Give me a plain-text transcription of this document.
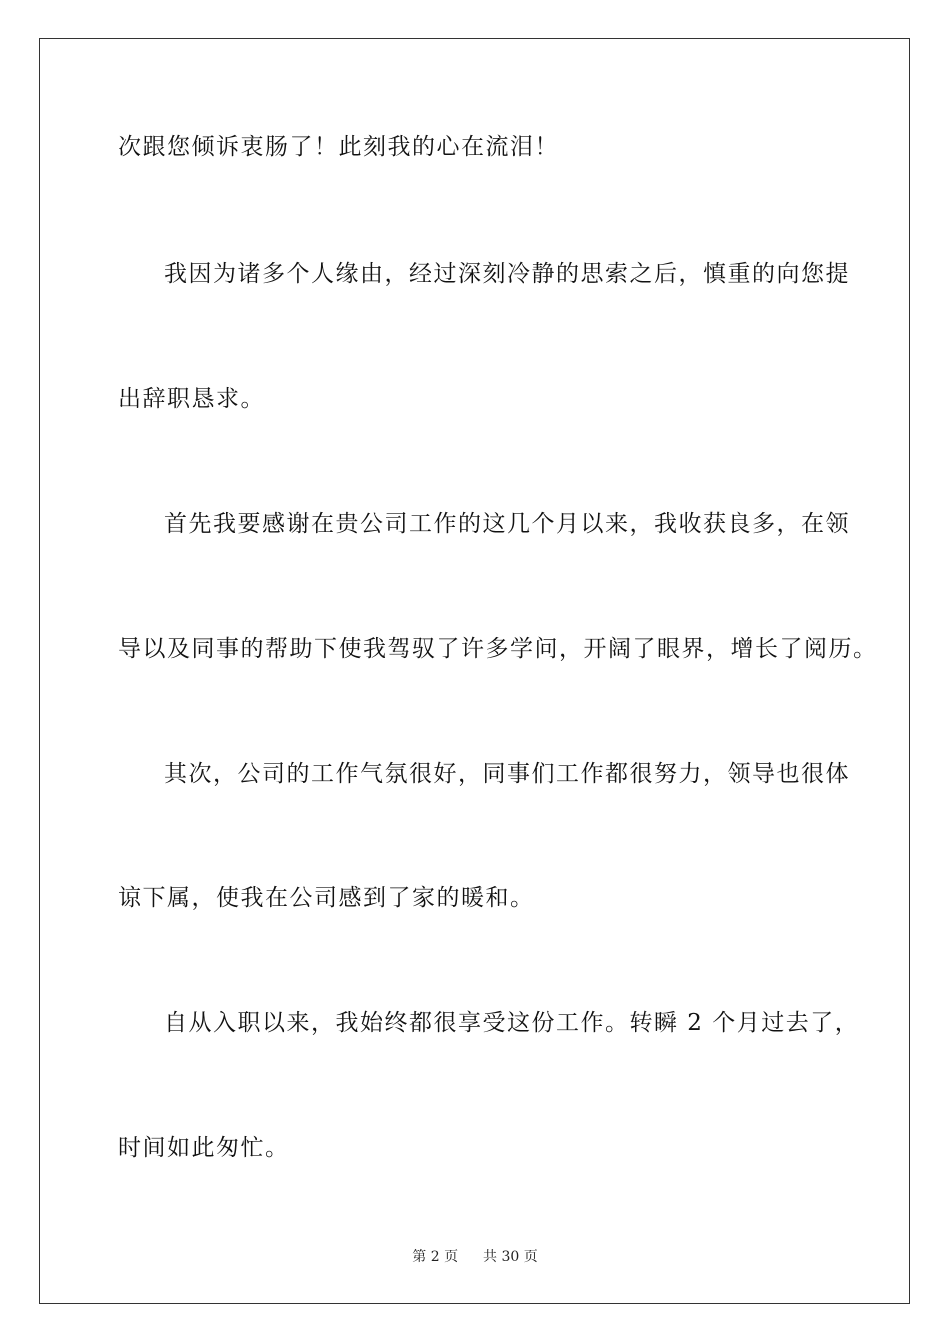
次跟您倾诉衷肠了！此刻我的心在流泪！
我因为诸多个人缘由，经过深刻冷静的思索之后，慎重的向您提
出辞职恳求。
首先我要感谢在贵公司工作的这几个月以来，我收获良多，在领
导以及同事的帮助下使我驾驭了许多学问，开阔了眼界，增长了阅历。
其次，公司的工作气氛很好，同事们工作都很努力，领导也很体
谅下属，使我在公司感到了家的暖和。
自从入职以来，我始终都很享受这份工作。转瞬 2 个月过去了，
时间如此匆忙。
第 2 页 共 30 页
